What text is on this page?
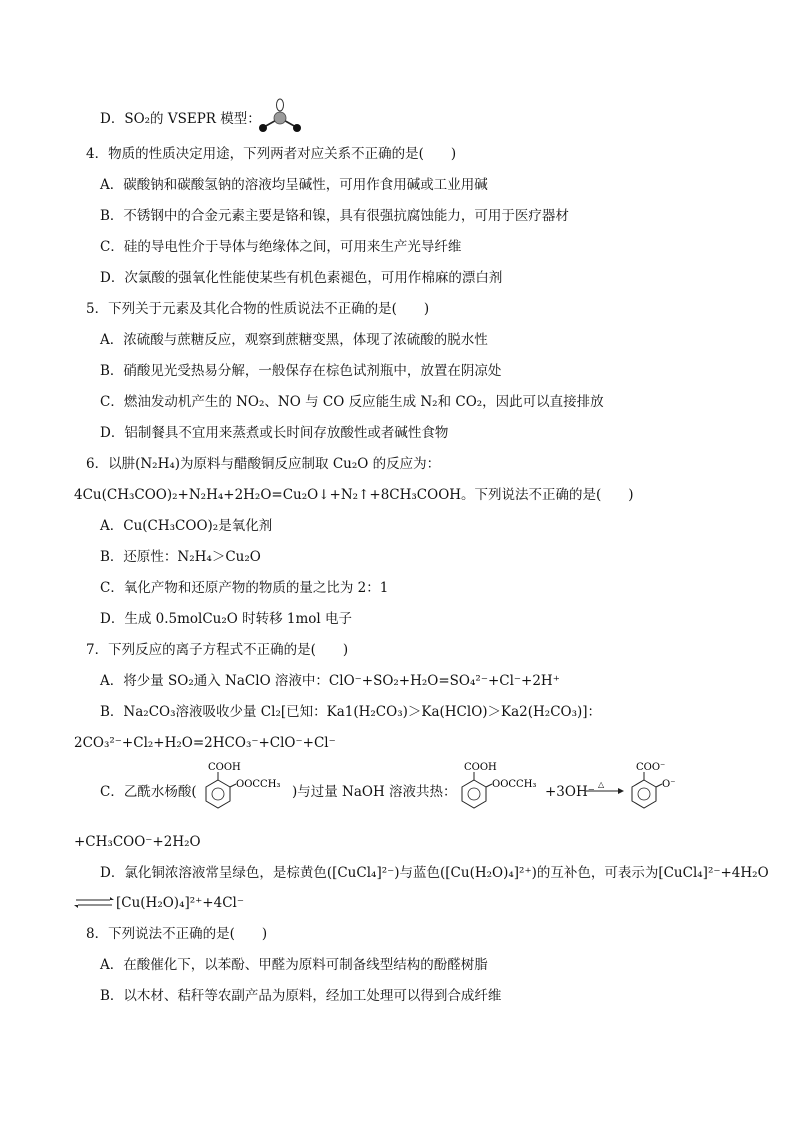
D．SO₂的 VSEPR 模型：
4．物质的性质决定用途，下列两者对应关系不正确的是(　　)
A．碳酸钠和碳酸氢钠的溶液均呈碱性，可用作食用碱或工业用碱
B．不锈钢中的合金元素主要是铬和镍，具有很强抗腐蚀能力，可用于医疗器材
C．硅的导电性介于导体与绝缘体之间，可用来生产光导纤维
D．次氯酸的强氧化性能使某些有机色素褪色，可用作棉麻的漂白剂
5．下列关于元素及其化合物的性质说法不正确的是(　　)
A．浓硫酸与蔗糖反应，观察到蔗糖变黑，体现了浓硫酸的脱水性
B．硝酸见光受热易分解，一般保存在棕色试剂瓶中，放置在阴凉处
C．燃油发动机产生的 NO₂、NO 与 CO 反应能生成 N₂和 CO₂，因此可以直接排放
D．铝制餐具不宜用来蒸煮或长时间存放酸性或者碱性食物
6．以肼(N₂H₄)为原料与醋酸铜反应制取 Cu₂O 的反应为：
4Cu(CH₃COO)₂+N₂H₄+2H₂O=Cu₂O↓+N₂↑+8CH₃COOH。下列说法不正确的是(　　)
A．Cu(CH₃COO)₂是氧化剂
B．还原性：N₂H₄＞Cu₂O
C．氧化产物和还原产物的物质的量之比为 2：1
D．生成 0.5molCu₂O 时转移 1mol 电子
7．下列反应的离子方程式不正确的是(　　)
A．将少量 SO₂通入 NaClO 溶液中：ClO⁻+SO₂+H₂O=SO₄²⁻+Cl⁻+2H⁺
B．Na₂CO₃溶液吸收少量 Cl₂[已知：Ka1(H₂CO₃)＞Ka(HClO)＞Ka2(H₂CO₃)]：
2CO₃²⁻+Cl₂+H₂O=2HCO₃⁻+ClO⁻+Cl⁻
C．乙酰水杨酸(
COOH
OOCCH₃ )与过量 NaOH 溶液共热：
COOH
OOCCH₃ +3OH⁻ △
COO⁻
O⁻
+CH₃COO⁻+2H₂O
D．氯化铜浓溶液常呈绿色，是棕黄色([CuCl₄]²⁻)与蓝色([Cu(H₂O)₄]²⁺)的互补色，可表示为[CuCl₄]²⁻+4H₂O
⇌ [Cu(H₂O)₄]²⁺+4Cl⁻
8．下列说法不正确的是(　　)
A．在酸催化下，以苯酚、甲醛为原料可制备线型结构的酚醛树脂
B．以木材、秸秆等农副产品为原料，经加工处理可以得到合成纤维
